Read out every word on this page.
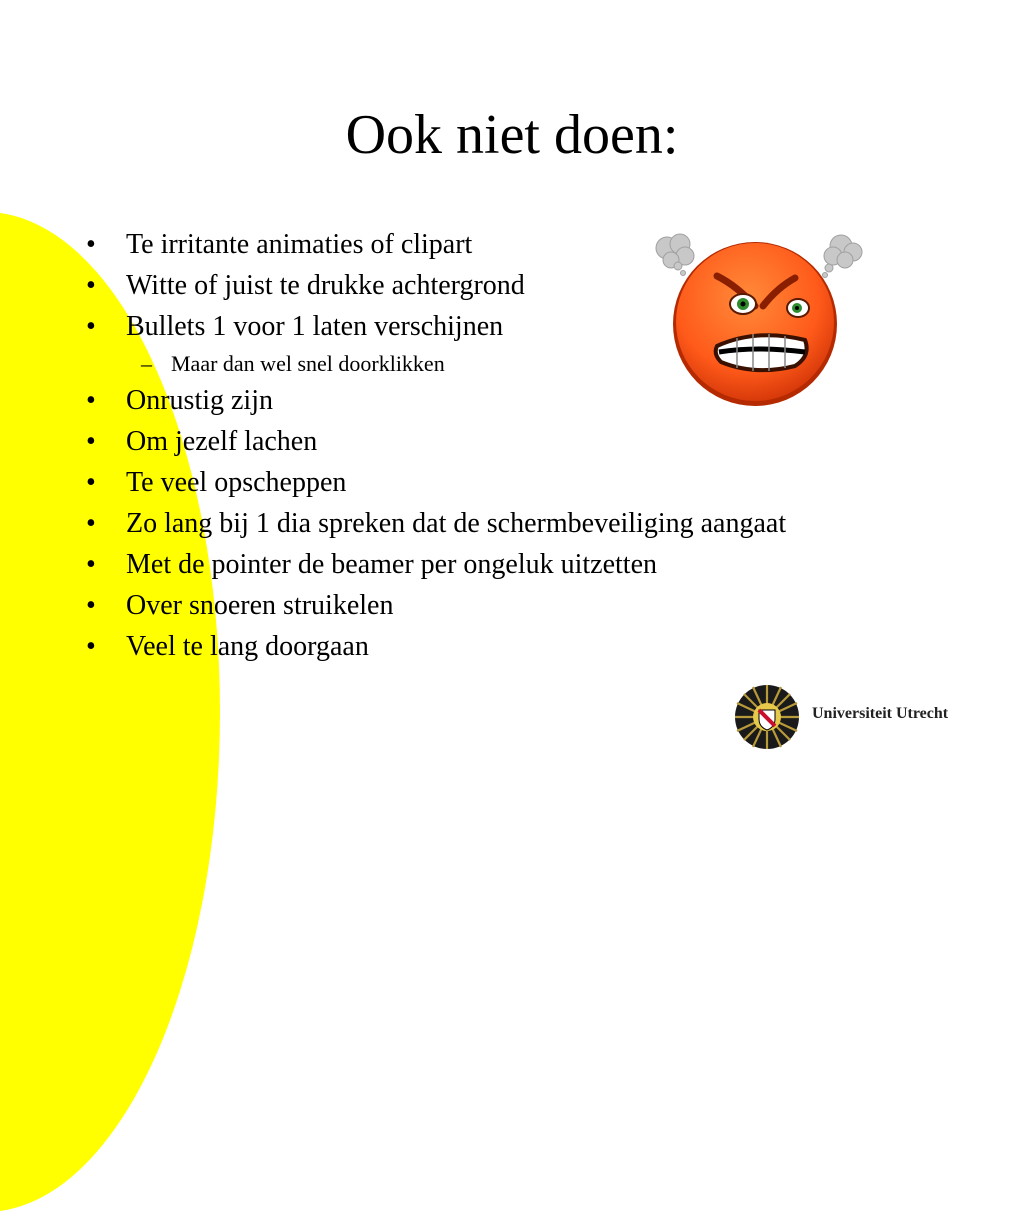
Ook niet doen:
• Te irritante animaties of clipart
• Witte of juist te drukke achtergrond
• Bullets 1 voor 1 laten verschijnen
– Maar dan wel snel doorklikken
• Onrustig zijn
• Om jezelf lachen
• Te veel opscheppen
• Zo lang bij 1 dia spreken dat de schermbeveiliging aangaat
• Met de pointer de beamer per ongeluk uitzetten
• Over snoeren struikelen
• Veel te lang doorgaan
Universiteit Utrecht
